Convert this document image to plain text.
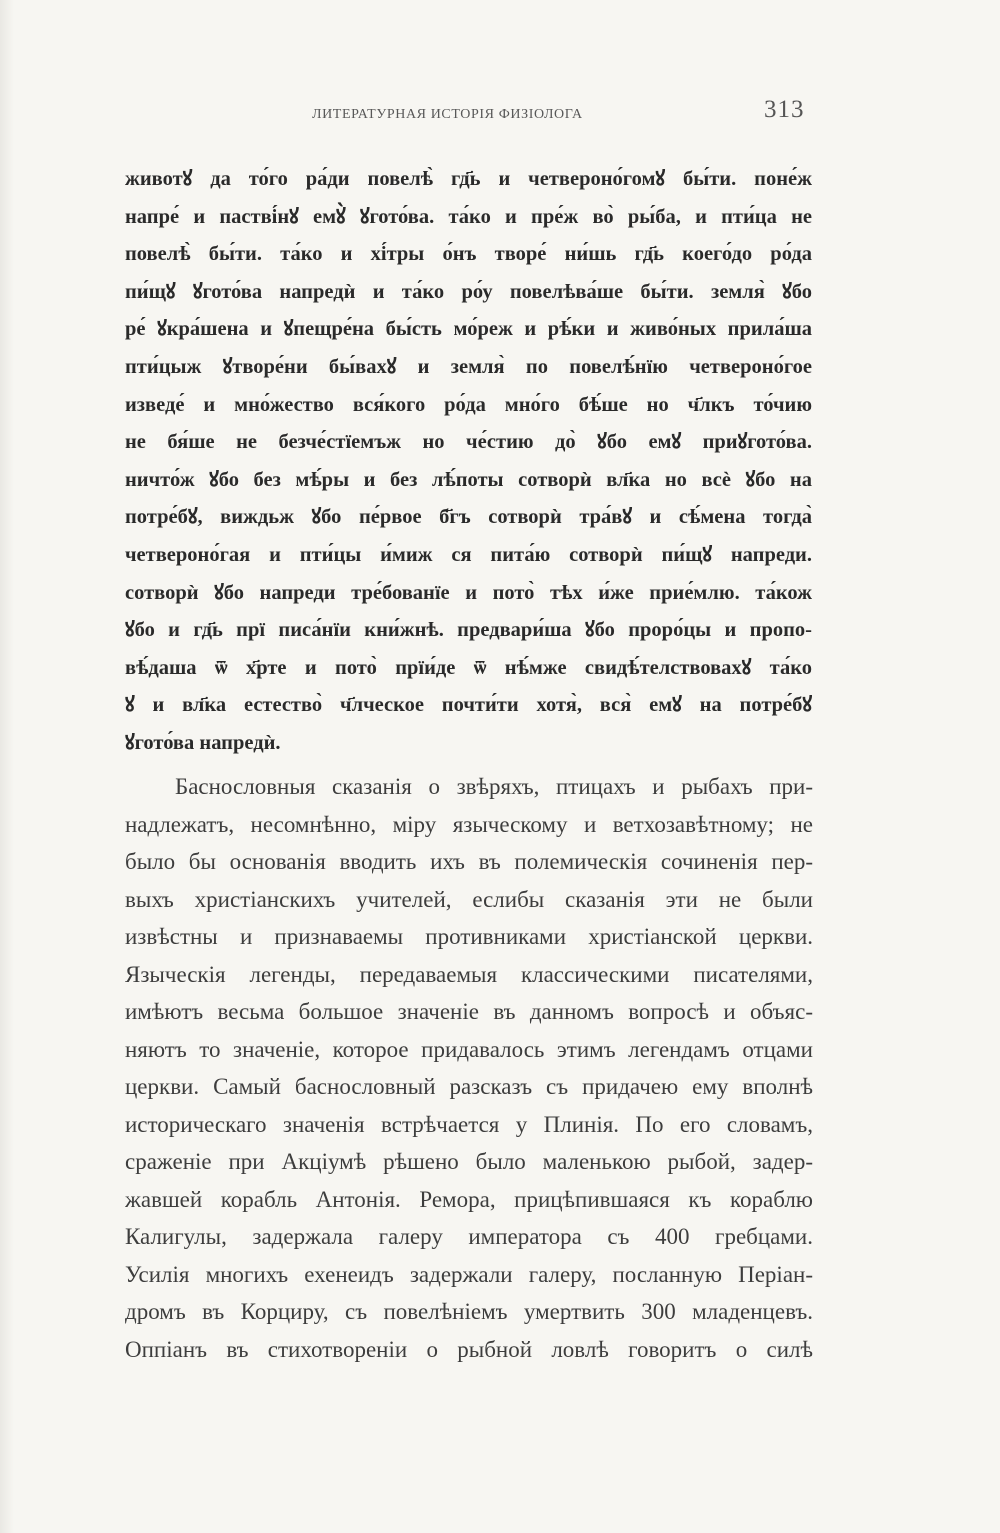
ЛИТЕРАТУРНАЯ ИСТОРІЯ ФИЗІОЛОГА	313
животꙋ да то́го ра́ди повелѣ̀ гд҃ь и четвероно́гомꙋ бы́ти. поне́ж
напре́ и пастві́нꙋ емꙋ̀ ꙋгото́ва. та́ко и пре́ж во̀ ры́ба, и пти́ца не
повелѣ̀ бы́ти. та́ко и хі́тры о́нъ творе́ ни́шь гд҃ь коего́до ро́да
пи́щꙋ ꙋгото́ва напредѝ и та́ко ро́у повелѣва́ше бы́ти. земля̀ ꙋбо
ре́ ꙋкра́шена и ꙋпещре́на бы́сть мо́реж и рѣ́ки и живо́ных прила́ша
пти́цыж ꙋтворе́ни бы́вахꙋ и земля̀ по повелѣ́нїю четвероно́гое
изведе́ и мно́жество вся́кого ро́да мно́го бѣ́ше но ч҃лкъ то́чию
не бя́ше не безче́стїемъж но че́стию до̀ ꙋбо емꙋ приꙋгото́ва.
ничто́ж ꙋбо без мѣ́ры и без лѣ́поты сотворѝ вл҃ка но всѐ ꙋбо на
потре́бꙋ, виждьж ꙋбо пе́рвое б҃гъ сотворѝ тра́вꙋ и сѣ́мена тогда̀
четвероно́гая и пти́цы и́миж ся пита́ю сотворѝ пи́щꙋ напреди.
сотворѝ ꙋбо напреди тре́бованїе и пото̀ тѣх и́же прие́млю. та́кож
ꙋбо и гд҃ь прї писа́нїи кни́жнѣ. предвари́ша ꙋбо проро́цы и пропо-
вѣ́даша ѿ х҃рте и пото̀ прїи́де ѿ нѣ́мже свидѣ́телствовахꙋ та́ко
ꙋ и вл҃ка естество̀ ч҃лческое почти́ти хотя̀, вся̀ емꙋ на потре́бꙋ
ꙋгото́ва напредѝ.
Баснословныя сказанія о звѣряхъ, птицахъ и рыбахъ при-
надлежатъ, несомнѣнно, міру языческому и ветхозавѣтному; не
было бы основанія вводить ихъ въ полемическія сочиненія пер-
выхъ христіанскихъ учителей, еслибы сказанія эти не были
извѣстны и признаваемы противниками христіанской церкви.
Языческія легенды, передаваемыя классическими писателями,
имѣютъ весьма большое значеніе въ данномъ вопросѣ и объяс-
няютъ то значеніе, которое придавалось этимъ легендамъ отцами
церкви. Самый баснословный разсказъ съ придачею ему вполнѣ
историческаго значенія встрѣчается у Плинія. По его словамъ,
сраженіе при Акціумѣ рѣшено было маленькою рыбой, задер-
жавшей корабль Антонія. Ремора, прицѣпившаяся къ кораблю
Калигулы, задержала галеру императора съ 400 гребцами.
Усилія многихъ ехенеидъ задержали галеру, посланную Періан-
дромъ въ Корциру, съ повелѣніемъ умертвить 300 младенцевъ.
Оппіанъ въ стихотвореніи о рыбной ловлѣ говоритъ о силѣ
